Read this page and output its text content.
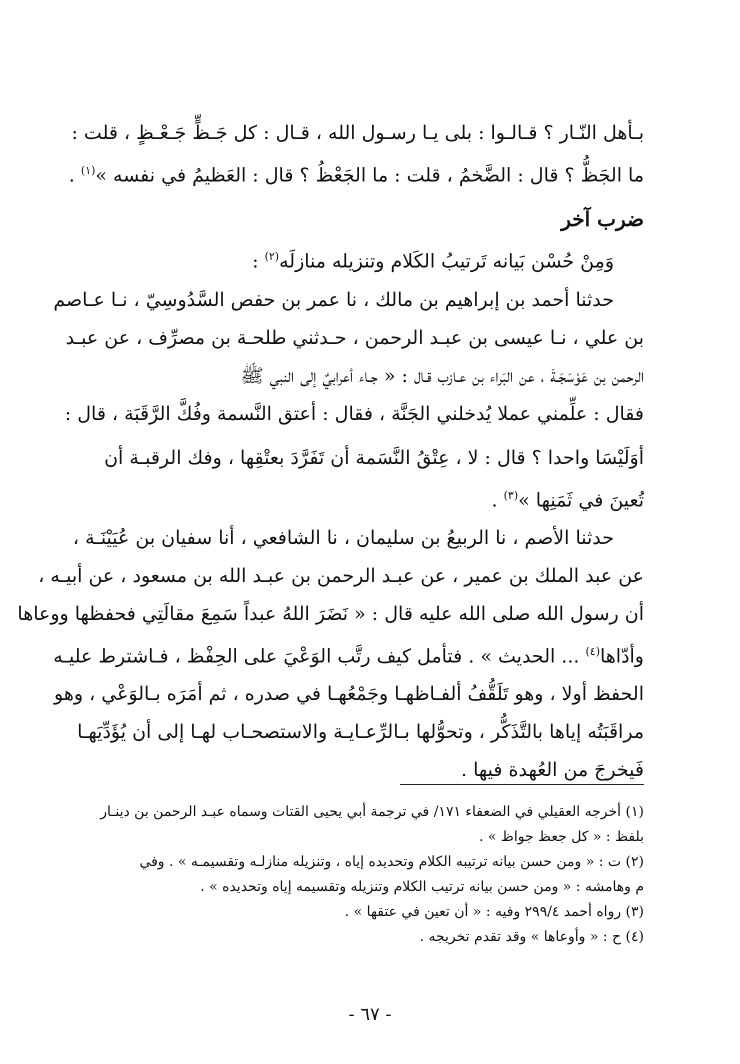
بـأهل النّـار ؟ قـالـوا : بلى يـا رسـول الله ، قـال : كل جَـظٍّ جَـعْـظٍ ، قلت :
ما الجَظُّ ؟ قال : الضَّخمُ ، قلت : ما الجَعْظُ ؟ قال : العَظيمُ في نفسه »$^{(١)}$ .
ضرب آخر
وَمِنْ حُسْن بَيانه تَرتيبُ الكَلام وتنزيله منازلَه$^{(٢)}$ :
حدثنا أحمد بن إبراهيم بن مالك ، نا عمر بن حفص السَّدُوسِيّ ، نـا عـاصم
بن علي ، نـا عيسى بن عبـد الرحمن ، حـدثني طلحـة بن مصرِّف ، عن عبـد
الرحمن بن عَوْسَجَـةَ ، عن البَراء بن عـازب قـال : « جـاء أعرابيٌ إلى النبي ﷺ
فقال : علِّمني عملا يُدخلني الجَنَّة ، فقال : أعتق النَّسمة وفُكَّ الرَّقَبَة ، قال :
أوَلَيْسَا واحدا ؟ قال : لا ، عِتْقُ النَّسَمة أن تَفَرَّدَ بعتْقِها ، وفك الرقبـة أن
تُعينَ في ثَمَنِها »$^{(٣)}$ .
حدثنا الأصم ، نا الربيعُ بن سليمان ، نا الشافعي ، أنا سفيان بن عُيَيْنَـة ،
عن عبد الملك بن عمير ، عن عبـد الرحمن بن عبـد الله بن مسعود ، عن أبيـه ،
أن رسول الله صلى الله عليه قال : « نَضَرَ اللهُ عبداً سَمِعَ مقالَتِي فحفظها ووعاها
وأدّاها$^{(٤)}$ ... الحديث » . فتأمل كيف رتَّب الوَعْيَ على الحِفْظ ، فـاشترط عليـه
الحفظ أولا ، وهو تَلَقُّفُ ألفـاظهـا وجَمْعُهـا في صدره ، ثم أمَرَه بـالوَعْي ، وهو
مراقَبَتُه إياها بالتَّذَكُّر ، وتحوُّلها بـالرِّعـايـة والاستصحـاب لهـا إلى أن يُؤَدِّيَهـا
فَيخرجَ من العُهدة فيها .
(١) أخرجه العقيلي في الضعفاء ١٧١/ في ترجمة أبي يحيى القتات وسماه عبـد الرحمن بن دينـار
بلفظ : « كل جعظ جواظ » .
(٢) ت : « ومن حسن بيانه ترتيبه الكلام وتحديده إياه ، وتنزيله منازلـه وتقسيمـه » . وفي
م وهامشه : « ومن حسن بيانه ترتيب الكلام وتنزيله وتقسيمه إياه وتحديده » .
(٣) رواه أحمد ٢٩٩/٤ وفيه : « أن تعين في عتقها » .
(٤) ح : « وأوعاها » وقد تقدم تخريجه .
- ٦٧ -
